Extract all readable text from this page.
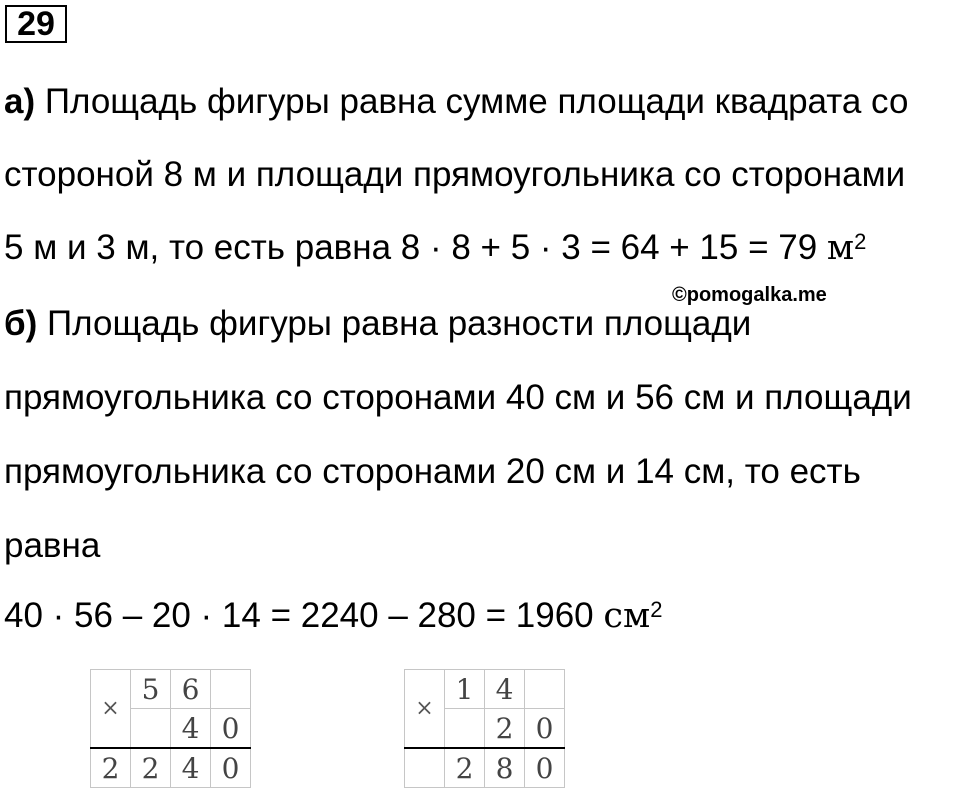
29
а) Площадь фигуры равна сумме площади квадрата со
стороной 8 м и площади прямоугольника со сторонами
5 м и 3 м, то есть равна 8 · 8 + 5 · 3 = 64 + 15 = 79 $м^2$
©pomogalka.me
б) Площадь фигуры равна разности площади
прямоугольника со сторонами 40 см и 56 см и площади
прямоугольника со сторонами 20 см и 14 см, то есть
равна
40 · 56 – 20 · 14 = 2240 – 280 = 1960 $см^2$
×	5	6	
		4	0
2	2	4	0
×	1	4	
		2	0
	2	8	0
